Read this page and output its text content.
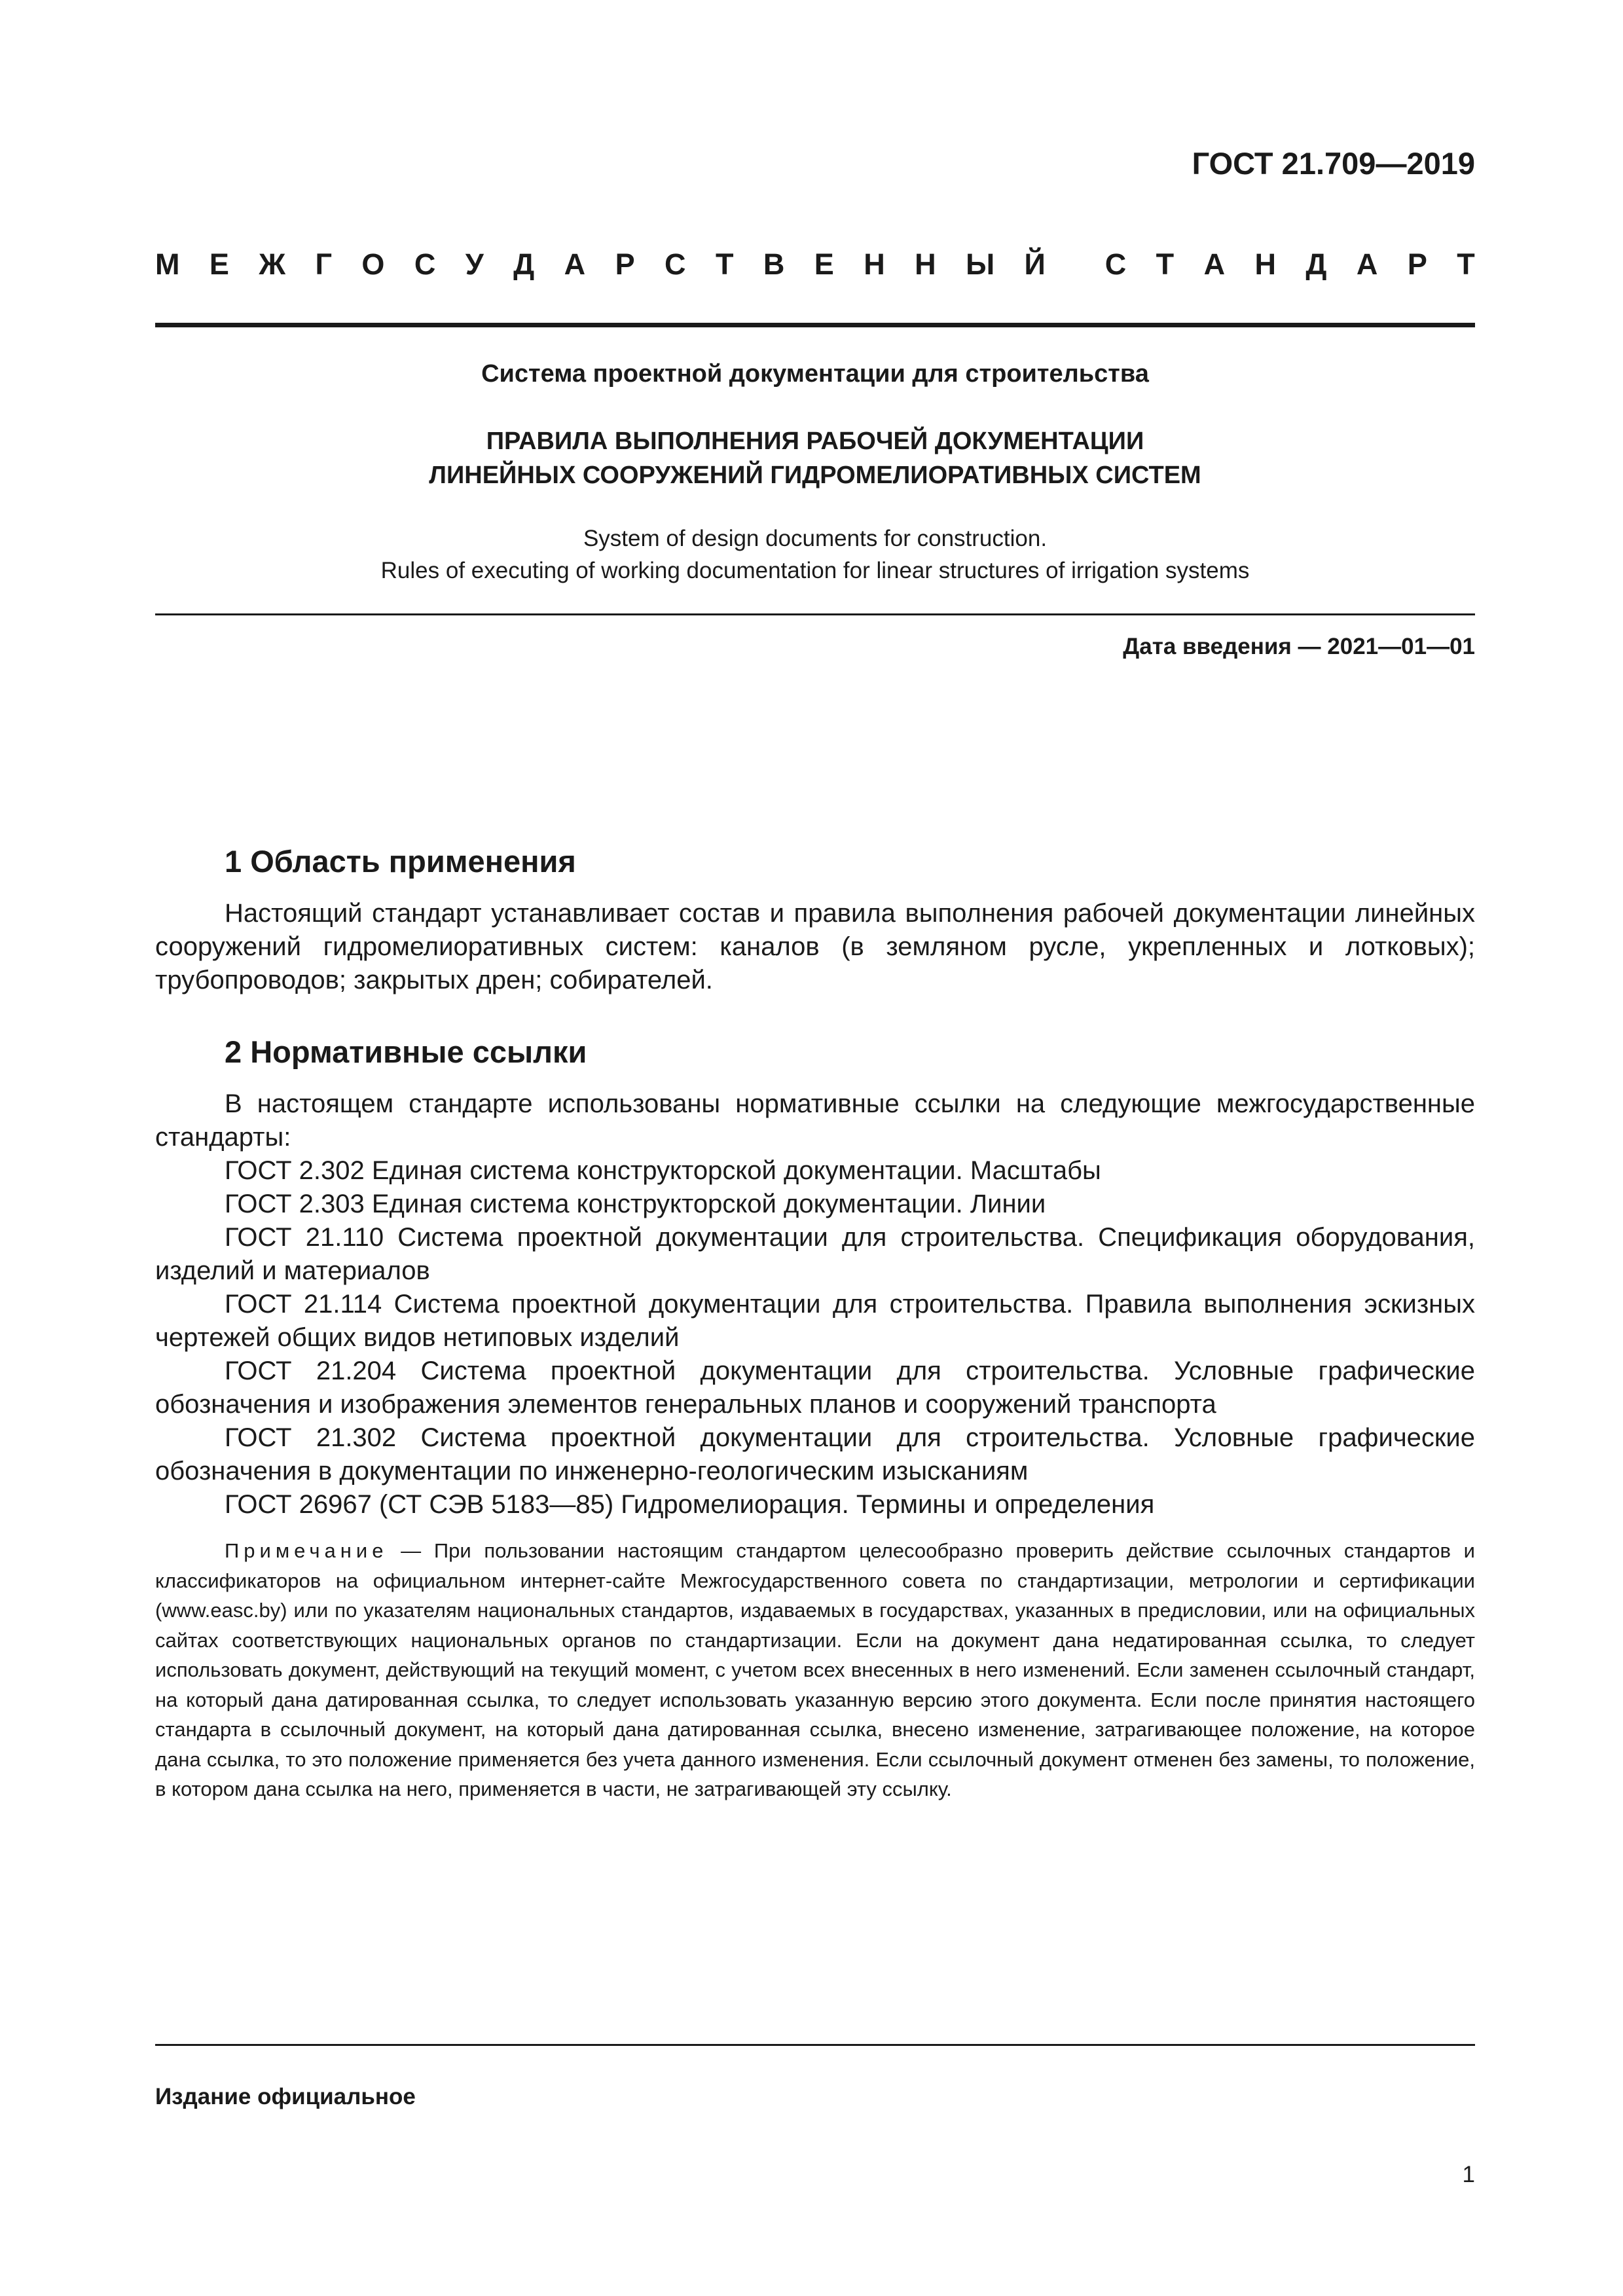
ГОСТ 21.709—2019
М Е Ж Г О С У Д А Р С Т В Е Н Н Ы Й С Т А Н Д А Р Т
Система проектной документации для строительства
ПРАВИЛА ВЫПОЛНЕНИЯ РАБОЧЕЙ ДОКУМЕНТАЦИИ
ЛИНЕЙНЫХ СООРУЖЕНИЙ ГИДРОМЕЛИОРАТИВНЫХ СИСТЕМ
System of design documents for construction.
Rules of executing of working documentation for linear structures of irrigation systems
Дата введения — 2021—01—01
1 Область применения

Настоящий стандарт устанавливает состав и правила выполнения рабочей документации линейных сооружений гидромелиоративных систем: каналов (в земляном русле, укрепленных и лотковых); трубопроводов; закрытых дрен; собирателей.

2 Нормативные ссылки

В настоящем стандарте использованы нормативные ссылки на следующие межгосударственные стандарты:

ГОСТ 2.302 Единая система конструкторской документации. Масштабы

ГОСТ 2.303 Единая система конструкторской документации. Линии

ГОСТ 21.110 Система проектной документации для строительства. Спецификация оборудования, изделий и материалов

ГОСТ 21.114 Система проектной документации для строительства. Правила выполнения эскизных чертежей общих видов нетиповых изделий

ГОСТ 21.204 Система проектной документации для строительства. Условные графические обозначения и изображения элементов генеральных планов и сооружений транспорта

ГОСТ 21.302 Система проектной документации для строительства. Условные графические обозначения в документации по инженерно-геологическим изысканиям

ГОСТ 26967 (СТ СЭВ 5183—85) Гидромелиорация. Термины и определения

Примечание — При пользовании настоящим стандартом целесообразно проверить действие ссылочных стандартов и классификаторов на официальном интернет-сайте Межгосударственного совета по стандартизации, метрологии и сертификации (www.easc.by) или по указателям национальных стандартов, издаваемых в государствах, указанных в предисловии, или на официальных сайтах соответствующих национальных органов по стандартизации. Если на документ дана недатированная ссылка, то следует использовать документ, действующий на текущий момент, с учетом всех внесенных в него изменений. Если заменен ссылочный стандарт, на который дана датированная ссылка, то следует использовать указанную версию этого документа. Если после принятия настоящего стандарта в ссылочный документ, на который дана датированная ссылка, внесено изменение, затрагивающее положение, на которое дана ссылка, то это положение применяется без учета данного изменения. Если ссылочный документ отменен без замены, то положение, в котором дана ссылка на него, применяется в части, не затрагивающей эту ссылку.
Издание официальное
1
